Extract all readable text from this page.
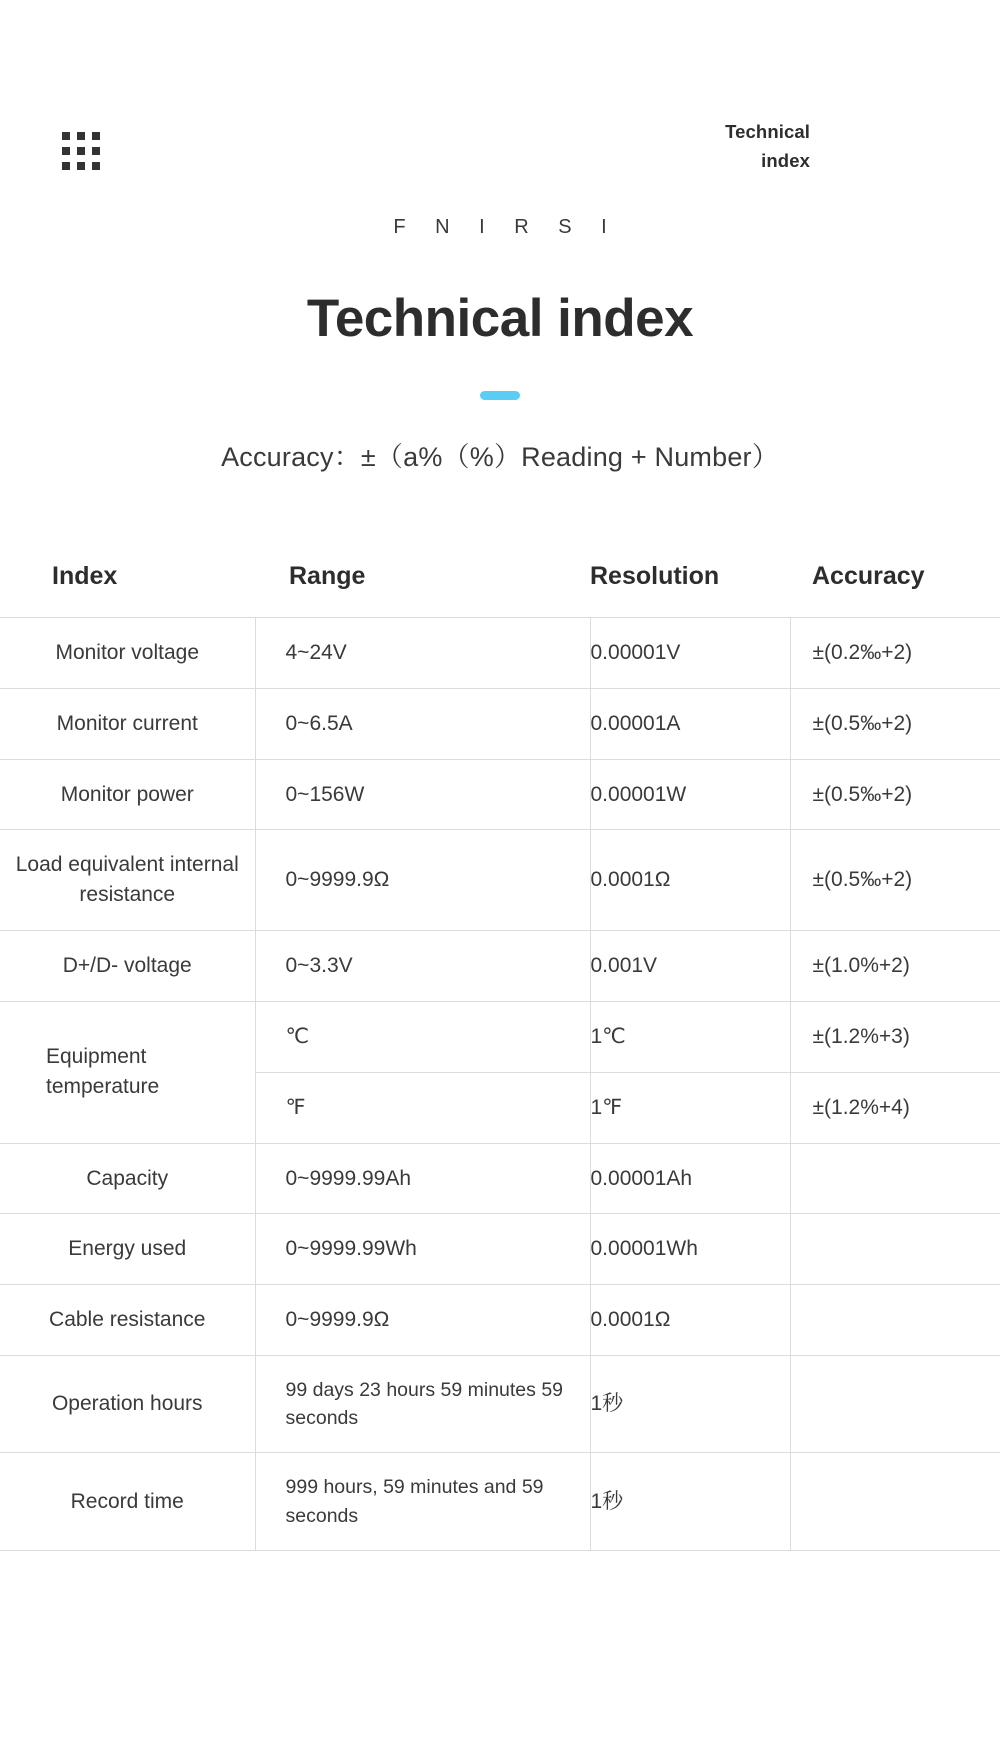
Technical
index
F N I R S I
Technical index
Accuracy：±（a%（%）Reading + Number）
Index	Range	Resolution	Accuracy
Monitor voltage	4~24V	0.00001V	±(0.2‰+2)
Monitor current	0~6.5A	0.00001A	±(0.5‰+2)
Monitor power	0~156W	0.00001W	±(0.5‰+2)
Load equivalent internal resistance	0~9999.9Ω	0.0001Ω	±(0.5‰+2)
D+/D- voltage	0~3.3V	0.001V	±(1.0%+2)
Equipment temperature	℃	1℃	±(1.2%+3)
	℉	1℉	±(1.2%+4)
Capacity	0~9999.99Ah	0.00001Ah	
Energy used	0~9999.99Wh	0.00001Wh	
Cable resistance	0~9999.9Ω	0.0001Ω	
Operation hours	99 days 23 hours 59 minutes 59 seconds	1秒	
Record time	999 hours, 59 minutes and 59 seconds	1秒	
